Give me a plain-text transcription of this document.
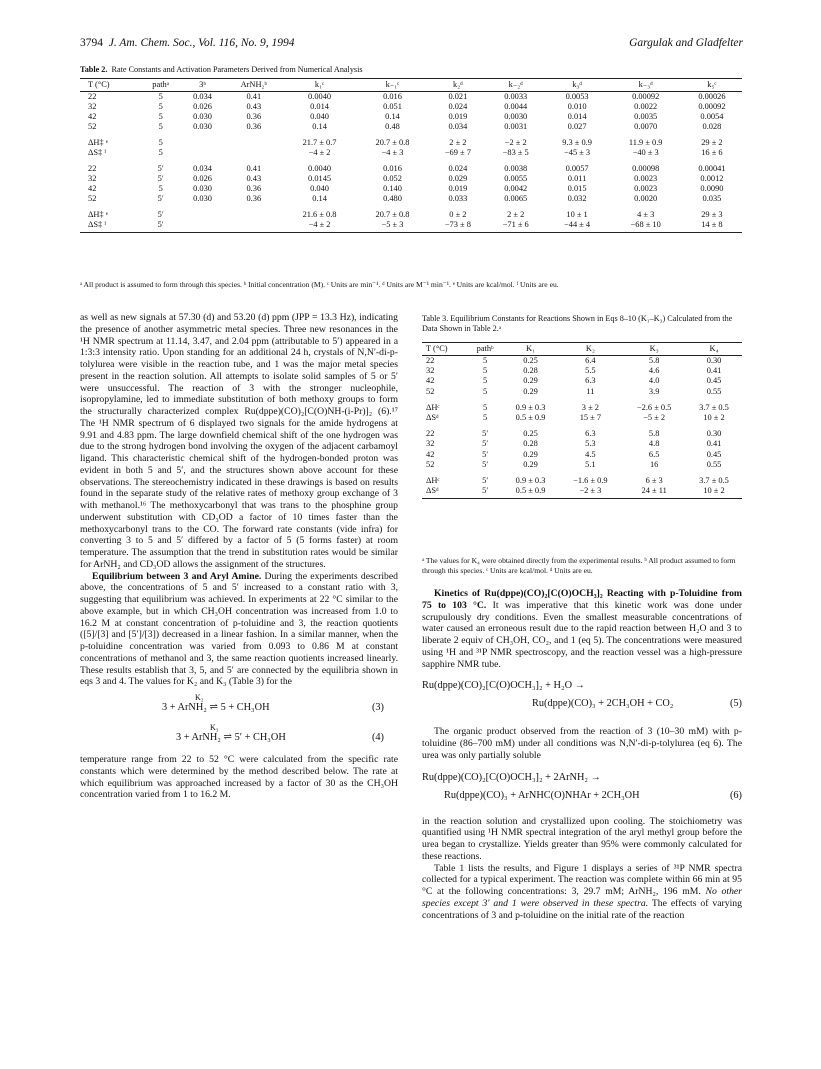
3794 J. Am. Chem. Soc., Vol. 116, No. 9, 1994	Gargulak and Gladfelter
Table 2. Rate Constants and Activation Parameters Derived from Numerical Analysis
T (°C)	pathᵃ	3ᵇ	ArNH₂ᵇ	k₁ᶜ	k₋₁ᶜ	k₂ᵈ	k₋₂ᵈ	k₃ᵈ	k₋₃ᵈ	k₅ᶜ
22	5	0.034	0.41	0.0040	0.016	0.021	0.0033	0.0053	0.00092	0.00026
32	5	0.026	0.43	0.014	0.051	0.024	0.0044	0.010	0.0022	0.00092
42	5	0.030	0.36	0.040	0.14	0.019	0.0030	0.014	0.0035	0.0054
52	5	0.030	0.36	0.14	0.48	0.034	0.0031	0.027	0.0070	0.028

ΔH‡ ᵉ	5			21.7 ± 0.7	20.7 ± 0.8	2 ± 2	−2 ± 2	9.3 ± 0.9	11.9 ± 0.9	29 ± 2
ΔS‡ ᶠ	5			−4 ± 2	−4 ± 3	−69 ± 7	−83 ± 5	−45 ± 3	−40 ± 3	16 ± 6

22	5′	0.034	0.41	0.0040	0.016	0.024	0.0038	0.0057	0.00098	0.00041
32	5′	0.026	0.43	0.0145	0.052	0.029	0.0055	0.011	0.0023	0.0012
42	5	0.030	0.36	0.040	0.140	0.019	0.0042	0.015	0.0023	0.0090
52	5′	0.030	0.36	0.14	0.480	0.033	0.0065	0.032	0.0020	0.035

ΔH‡ ᵉ	5′			21.6 ± 0.8	20.7 ± 0.8	0 ± 2	2 ± 2	10 ± 1	4 ± 3	29 ± 3
ΔS‡ ᶠ	5′			−4 ± 2	−5 ± 3	−73 ± 8	−71 ± 6	−44 ± 4	−68 ± 10	14 ± 8
ᵃ All product is assumed to form through this species. ᵇ Initial concentration (M). ᶜ Units are min⁻¹. ᵈ Units are M⁻¹ min⁻¹. ᵉ Units are kcal/mol. ᶠ Units are eu.

as well as new signals at 57.30 (d) and 53.20 (d) ppm (JPP = 13.3 Hz), indicating the presence of another asymmetric metal species. Three new resonances in the ¹H NMR spectrum at 11.14, 3.47, and 2.04 ppm (attributable to 5′) appeared in a 1:3:3 intensity ratio. Upon standing for an additional 24 h, crystals of N,N′-di-p-tolylurea were visible in the reaction tube, and 1 was the major metal species present in the reaction solution. All attempts to isolate solid samples of 5 or 5′ were unsuccessful. The reaction of 3 with the stronger nucleophile, isopropylamine, led to immediate substitution of both methoxy groups to form the structurally characterized complex Ru(dppe)(CO)₂[C(O)NH-(i-Pr)]₂ (6).¹⁷ The ¹H NMR spectrum of 6 displayed two signals for the amide hydrogens at 9.91 and 4.83 ppm. The large downfield chemical shift of the one hydrogen was due to the strong hydrogen bond involving the oxygen of the adjacent carbamoyl ligand. This characteristic chemical shift of the hydrogen-bonded proton was evident in both 5 and 5′, and the structures shown above account for these observations. The stereochemistry indicated in these drawings is based on results found in the separate study of the relative rates of methoxy group exchange of 3 with methanol.¹⁶ The methoxycarbonyl that was trans to the phosphine group underwent substitution with CD₃OD a factor of 10 times faster than the methoxycarbonyl trans to the CO. The forward rate constants (vide infra) for converting 3 to 5 and 5′ differed by a factor of 5 (5 forms faster) at room temperature. The assumption that the trend in substitution rates would be similar for ArNH₂ and CD₃OD allows the assignment of the structures.

Equilibrium between 3 and Aryl Amine. During the experiments described above, the concentrations of 5 and 5′ increased to a constant ratio with 3, suggesting that equilibrium was achieved. In experiments at 22 °C similar to the above example, but in which CH₃OH concentration was increased from 1.0 to 16.2 M at constant concentration of p-toluidine and 3, the reaction quotients ([5]/[3] and [5′]/[3]) decreased in a linear fashion. In a similar manner, when the p-toluidine concentration was varied from 0.093 to 0.86 M at constant concentrations of methanol and 3, the same reaction quotients increased linearly. These results establish that 3, 5, and 5′ are connected by the equilibria shown in eqs 3 and 4. The values for K₂ and K₃ (Table 3) for the

K₂
3 + ArNH₂ ⇌ 5 + CH₃OH	(3)
K₃
3 + ArNH₂ ⇌ 5′ + CH₃OH	(4)

temperature range from 22 to 52 °C were calculated from the specific rate constants which were determined by the method described below. The rate at which equilibrium was approached increased by a factor of 30 as the CH₃OH concentration varied from 1 to 16.2 M.

Table 3. Equilibrium Constants for Reactions Shown in Eqs 8–10 (K₁–K₃) Calculated from the Data Shown in Table 2.ᵃ
T (°C)	pathᵇ	K₁	K₂	K₃	K₄
22	5	0.25	6.4	5.8	0.30
32	5	0.28	5.5	4.6	0.41
42	5	0.29	6.3	4.0	0.45
52	5	0.29	11	3.9	0.55

ΔHᶜ	5	0.9 ± 0.3	3 ± 2	−2.6 ± 0.5	3.7 ± 0.5
ΔSᵈ	5	0.5 ± 0.9	15 ± 7	−5 ± 2	10 ± 2

22	5′	0.25	6.3	5.8	0.30
32	5′	0.28	5.3	4.8	0.41
42	5′	0.29	4.5	6.5	0.45
52	5′	0.29	5.1	16	0.55

ΔHᶜ	5′	0.9 ± 0.3	−1.6 ± 0.9	6 ± 3	3.7 ± 0.5
ΔSᵈ	5′	0.5 ± 0.9	−2 ± 3	24 ± 11	10 ± 2
ᵃ The values for K₄ were obtained directly from the experimental results. ᵇ All product assumed to form through this species. ᶜ Units are kcal/mol. ᵈ Units are eu.

Kinetics of Ru(dppe)(CO)₂[C(O)OCH₃]₂ Reacting with p-Toluidine from 75 to 103 °C. It was imperative that this kinetic work was done under scrupulously dry conditions. Even the smallest measurable concentrations of water caused an erroneous result due to the rapid reaction between H₂O and 3 to liberate 2 equiv of CH₃OH, CO₂, and 1 (eq 5). The concentrations were measured using ¹H and ³¹P NMR spectroscopy, and the reaction vessel was a high-pressure sapphire NMR tube.

Ru(dppe)(CO)₂[C(O)OCH₃]₂ + H₂O →
Ru(dppe)(CO)₃ + 2CH₃OH + CO₂	(5)

The organic product observed from the reaction of 3 (10–30 mM) with p-toluidine (86–700 mM) under all conditions was N,N′-di-p-tolylurea (eq 6). The urea was only partially soluble

Ru(dppe)(CO)₂[C(O)OCH₃]₂ + 2ArNH₂ →
Ru(dppe)(CO)₃ + ArNHC(O)NHAr + 2CH₃OH	(6)

in the reaction solution and crystallized upon cooling. The stoichiometry was quantified using ¹H NMR spectral integration of the aryl methyl group before the urea began to crystallize. Yields greater than 95% were commonly calculated for these reactions.

Table 1 lists the results, and Figure 1 displays a series of ³¹P NMR spectra collected for a typical experiment. The reaction was complete within 66 min at 95 °C at the following concentrations: 3, 29.7 mM; ArNH₂, 196 mM. No other species except 3′ and 1 were observed in these spectra. The effects of varying concentrations of 3 and p-toluidine on the initial rate of the reaction
